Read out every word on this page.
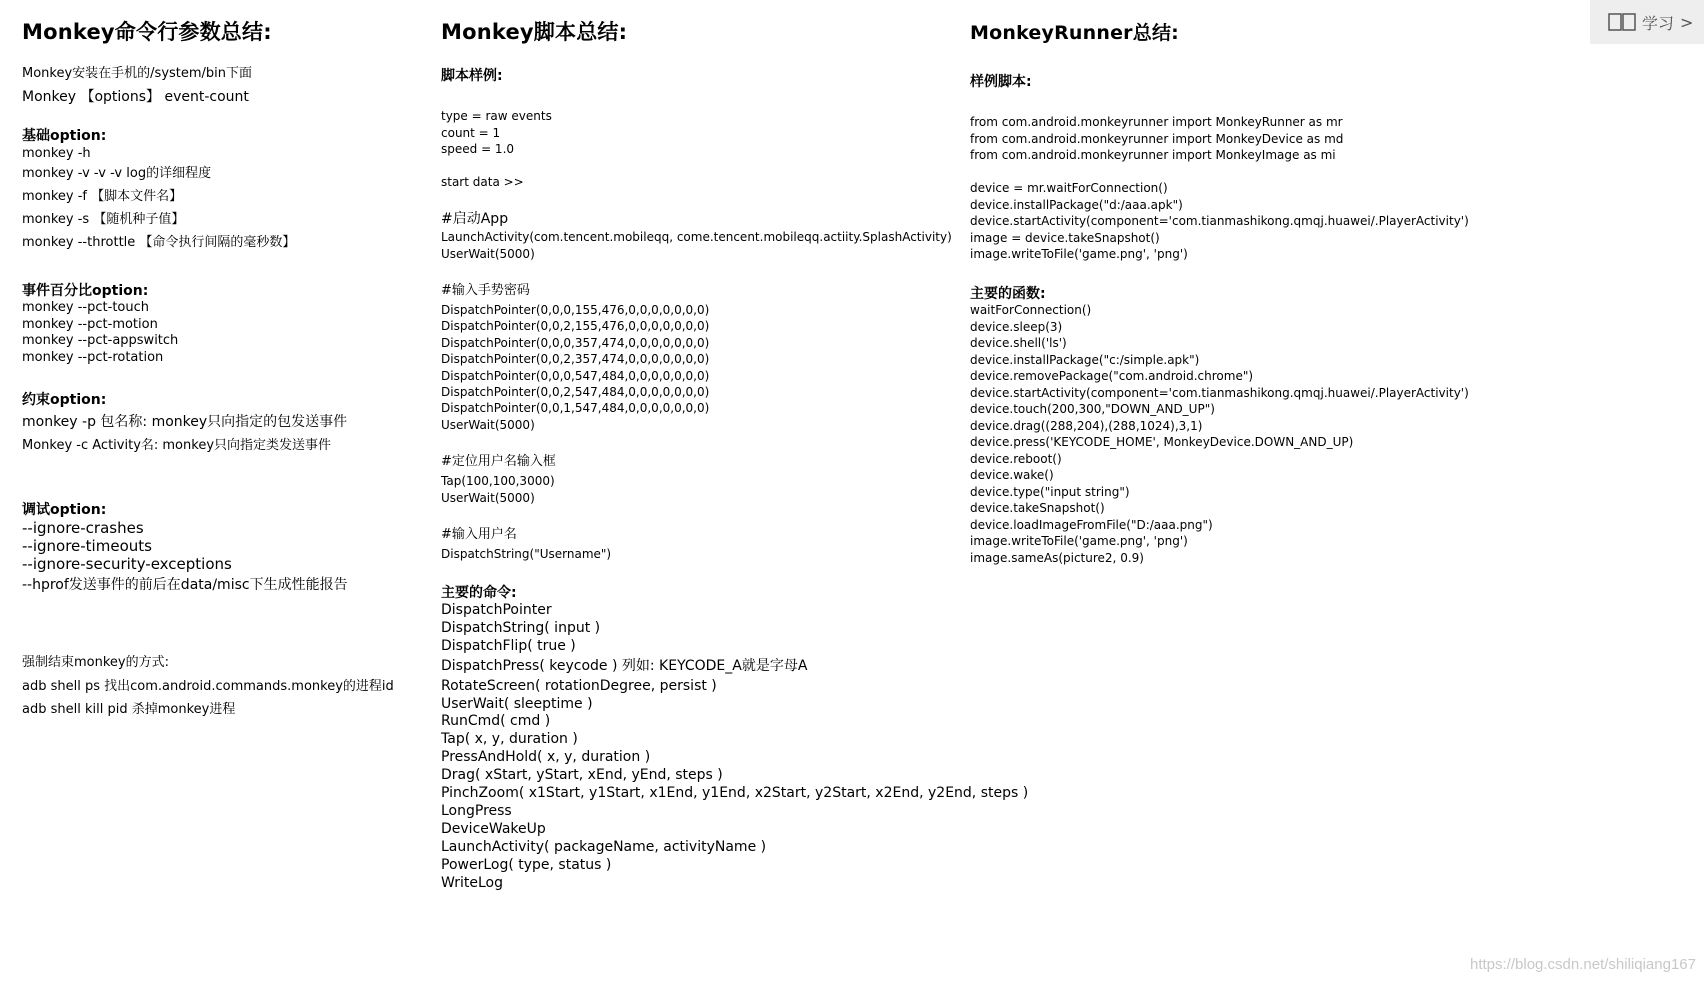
学习 >
Monkey命令行参数总结:
Monkey安装在手机的/system/bin下面
Monkey 【options】 event-count
基础option:
monkey -h
monkey -v -v -v log的详细程度
monkey -f 【脚本文件名】
monkey -s 【随机种子值】
monkey --throttle 【命令执行间隔的毫秒数】
事件百分比option:
monkey --pct-touch
monkey --pct-motion
monkey --pct-appswitch
monkey --pct-rotation
约束option:
monkey -p 包名称: monkey只向指定的包发送事件
Monkey -c Activity名: monkey只向指定类发送事件
调试option:
--ignore-crashes
--ignore-timeouts
--ignore-security-exceptions
--hprof发送事件的前后在data/misc下生成性能报告
强制结束monkey的方式:
adb shell ps 找出com.android.commands.monkey的进程id
adb shell kill pid 杀掉monkey进程
Monkey脚本总结:
脚本样例:
type = raw events
count = 1
speed = 1.0
start data >>
#启动App
LaunchActivity(com.tencent.mobileqq, come.tencent.mobileqq.actiity.SplashActivity)
UserWait(5000)
#输入手势密码
DispatchPointer(0,0,0,155,476,0,0,0,0,0,0,0)
DispatchPointer(0,0,2,155,476,0,0,0,0,0,0,0)
DispatchPointer(0,0,0,357,474,0,0,0,0,0,0,0)
DispatchPointer(0,0,2,357,474,0,0,0,0,0,0,0)
DispatchPointer(0,0,0,547,484,0,0,0,0,0,0,0)
DispatchPointer(0,0,2,547,484,0,0,0,0,0,0,0)
DispatchPointer(0,0,1,547,484,0,0,0,0,0,0,0)
UserWait(5000)
#定位用户名输入框
Tap(100,100,3000)
UserWait(5000)
#输入用户名
DispatchString("Username")
主要的命令:
DispatchPointer
DispatchString( input )
DispatchFlip( true )
DispatchPress( keycode ) 列如: KEYCODE_A就是字母A
RotateScreen( rotationDegree, persist )
UserWait( sleeptime )
RunCmd( cmd )
Tap( x, y, duration )
PressAndHold( x, y, duration )
Drag( xStart, yStart, xEnd, yEnd, steps )
PinchZoom( x1Start, y1Start, x1End, y1End, x2Start, y2Start, x2End, y2End, steps )
LongPress
DeviceWakeUp
LaunchActivity( packageName, activityName )
PowerLog( type, status )
WriteLog
MonkeyRunner总结:
样例脚本:
from com.android.monkeyrunner import MonkeyRunner as mr
from com.android.monkeyrunner import MonkeyDevice as md
from com.android.monkeyrunner import MonkeyImage as mi
device = mr.waitForConnection()
device.installPackage("d:/aaa.apk")
device.startActivity(component='com.tianmashikong.qmqj.huawei/.PlayerActivity')
image = device.takeSnapshot()
image.writeToFile('game.png', 'png')
主要的函数:
waitForConnection()
device.sleep(3)
device.shell('ls')
device.installPackage("c:/simple.apk")
device.removePackage("com.android.chrome")
device.startActivity(component='com.tianmashikong.qmqj.huawei/.PlayerActivity')
device.touch(200,300,"DOWN_AND_UP")
device.drag((288,204),(288,1024),3,1)
device.press('KEYCODE_HOME', MonkeyDevice.DOWN_AND_UP)
device.reboot()
device.wake()
device.type("input string")
device.takeSnapshot()
device.loadImageFromFile("D:/aaa.png")
image.writeToFile('game.png', 'png')
image.sameAs(picture2, 0.9)
https://blog.csdn.net/shiliqiang167
